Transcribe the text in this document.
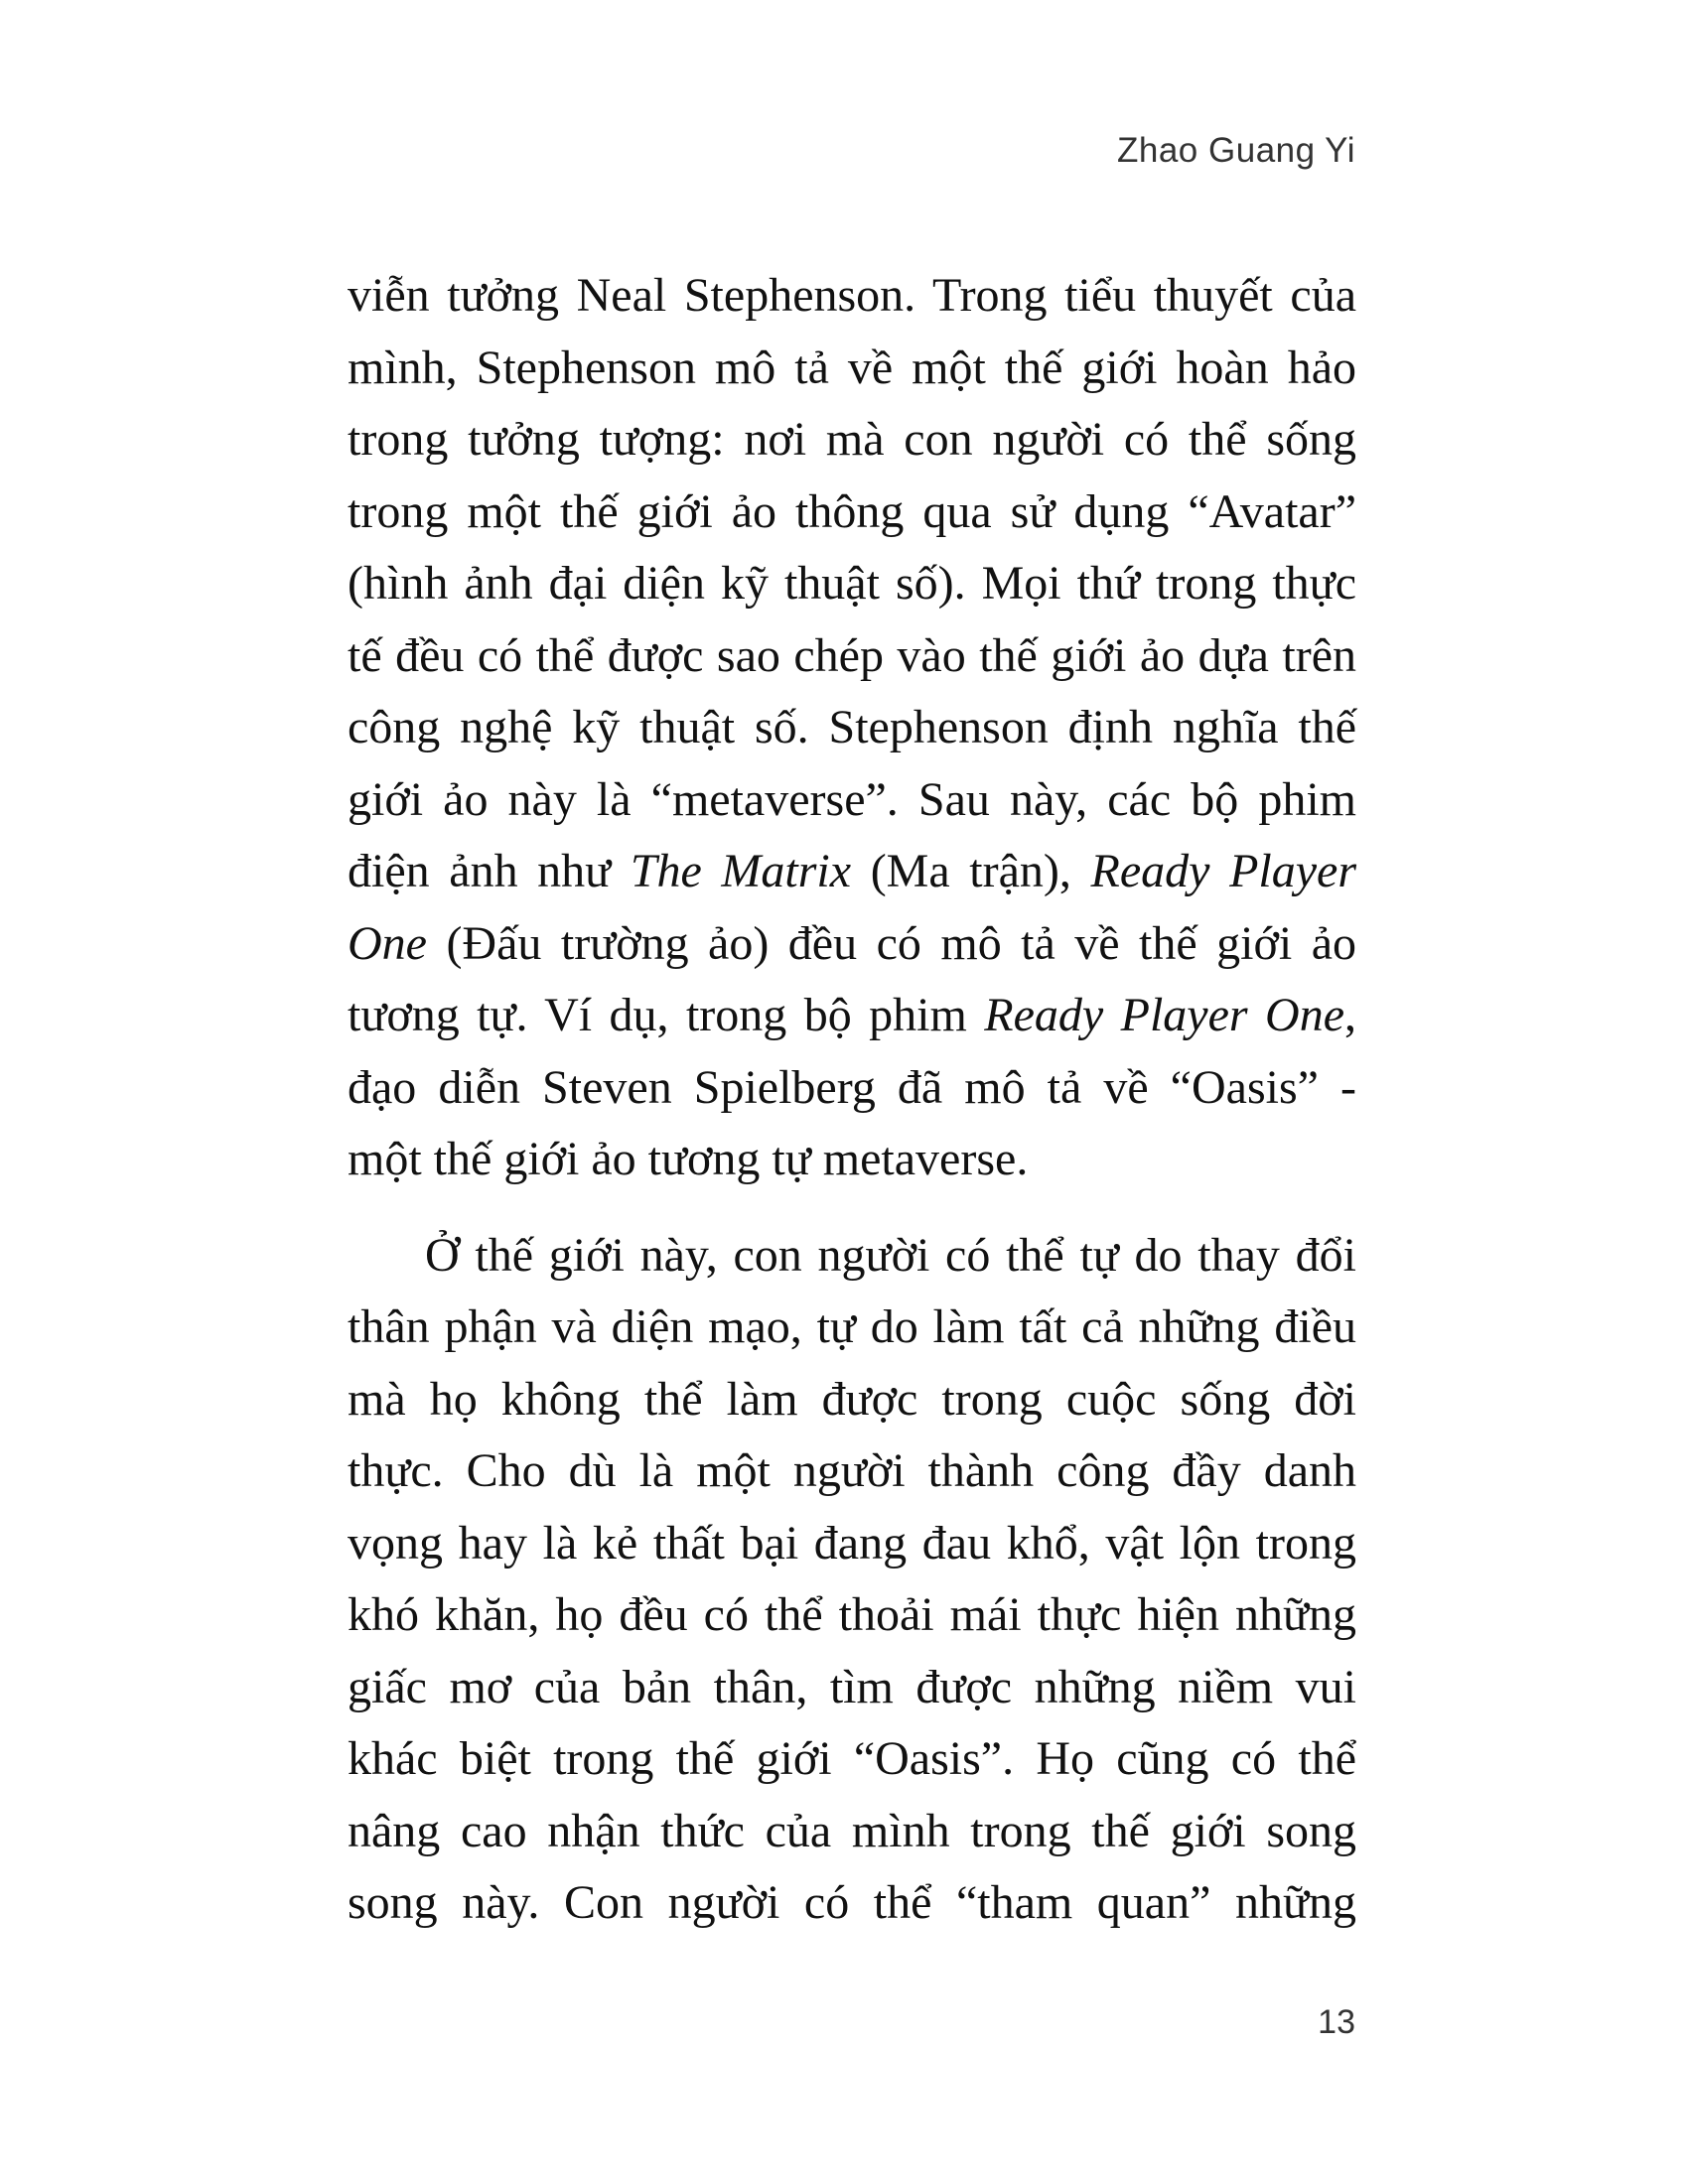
Zhao Guang Yi
viễn tưởng Neal Stephenson. Trong tiểu thuyết của
mình, Stephenson mô tả về một thế giới hoàn hảo
trong tưởng tượng: nơi mà con người có thể sống
trong một thế giới ảo thông qua sử dụng “Avatar”
(hình ảnh đại diện kỹ thuật số). Mọi thứ trong thực
tế đều có thể được sao chép vào thế giới ảo dựa trên
công nghệ kỹ thuật số. Stephenson định nghĩa thế
giới ảo này là “metaverse”. Sau này, các bộ phim
điện ảnh như The Matrix (Ma trận), Ready Player
One (Đấu trường ảo) đều có mô tả về thế giới ảo
tương tự. Ví dụ, trong bộ phim Ready Player One,
đạo diễn Steven Spielberg đã mô tả về “Oasis” -
một thế giới ảo tương tự metaverse.
Ở thế giới này, con người có thể tự do thay đổi
thân phận và diện mạo, tự do làm tất cả những điều
mà họ không thể làm được trong cuộc sống đời
thực. Cho dù là một người thành công đầy danh
vọng hay là kẻ thất bại đang đau khổ, vật lộn trong
khó khăn, họ đều có thể thoải mái thực hiện những
giấc mơ của bản thân, tìm được những niềm vui
khác biệt trong thế giới “Oasis”. Họ cũng có thể
nâng cao nhận thức của mình trong thế giới song
song này. Con người có thể “tham quan” những
13
